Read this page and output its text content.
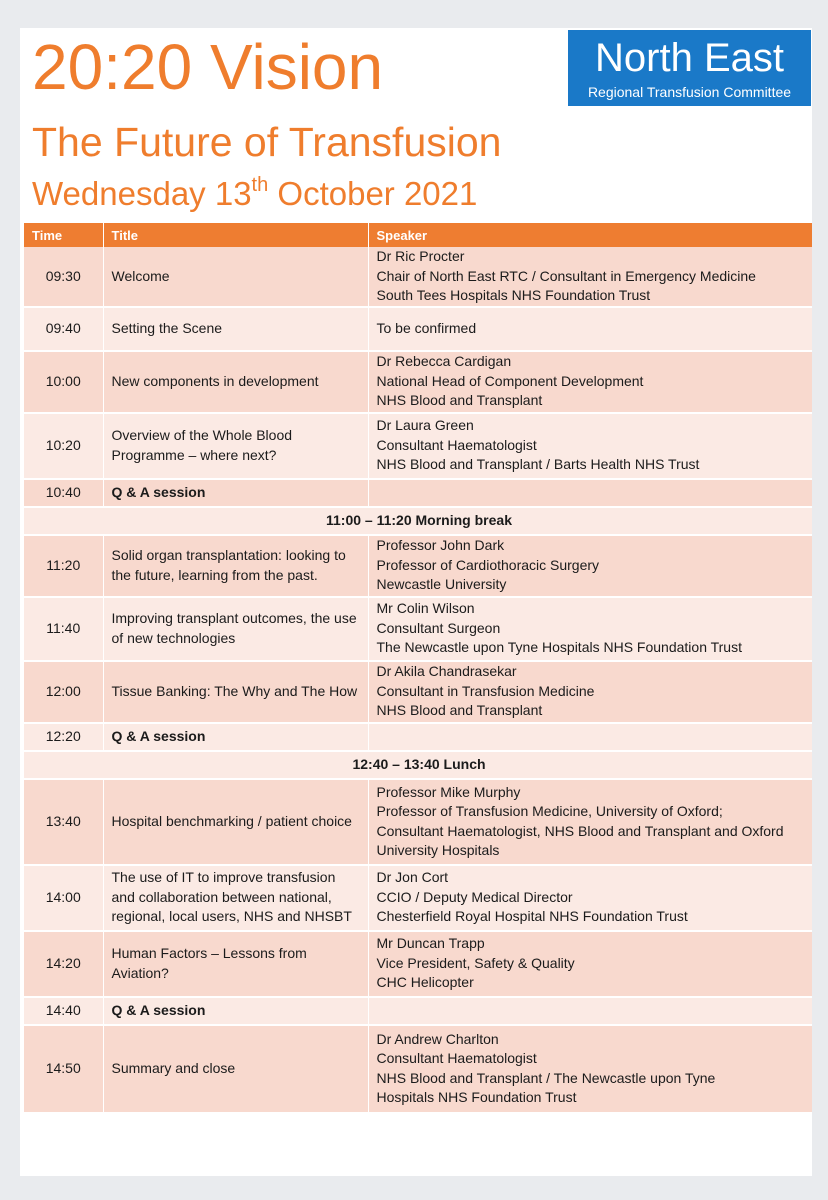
20:20 Vision
The Future of Transfusion
Wednesday 13th October 2021
North East
Regional Transfusion Committee
Time	Title	Speaker
09:30	Welcome	Dr Ric Procter
Chair of North East RTC / Consultant in Emergency Medicine
South Tees Hospitals NHS Foundation Trust

09:40	Setting the Scene	To be confirmed

10:00	New components in development	Dr Rebecca Cardigan
National Head of Component Development
NHS Blood and Transplant

10:20	Overview of the Whole Blood Programme – where next?	Dr Laura Green
Consultant Haematologist
NHS Blood and Transplant / Barts Health NHS Trust

10:40	Q & A session	
11:00 – 11:20 Morning break		
11:20	Solid organ transplantation: looking to the future, learning from the past.	Professor John Dark
Professor of Cardiothoracic Surgery
Newcastle University

11:40	Improving transplant outcomes, the use of new technologies	Mr Colin Wilson
Consultant Surgeon
The Newcastle upon Tyne Hospitals NHS Foundation Trust

12:00	Tissue Banking: The Why and The How	Dr Akila Chandrasekar
Consultant in Transfusion Medicine
NHS Blood and Transplant

12:20	Q & A session	
12:40 – 13:40 Lunch		
13:40	Hospital benchmarking / patient choice	Professor Mike Murphy
Professor of Transfusion Medicine, University of Oxford;
Consultant Haematologist, NHS Blood and Transplant and Oxford
University Hospitals

14:00	The use of IT to improve transfusion and collaboration between national, regional, local users, NHS and NHSBT	Dr Jon Cort
CCIO / Deputy Medical Director
Chesterfield Royal Hospital NHS Foundation Trust

14:20	Human Factors – Lessons from Aviation?	Mr Duncan Trapp
Vice President, Safety & Quality
CHC Helicopter

14:40	Q & A session	
14:50	Summary and close	Dr Andrew Charlton
Consultant Haematologist
NHS Blood and Transplant / The Newcastle upon Tyne
Hospitals NHS Foundation Trust
